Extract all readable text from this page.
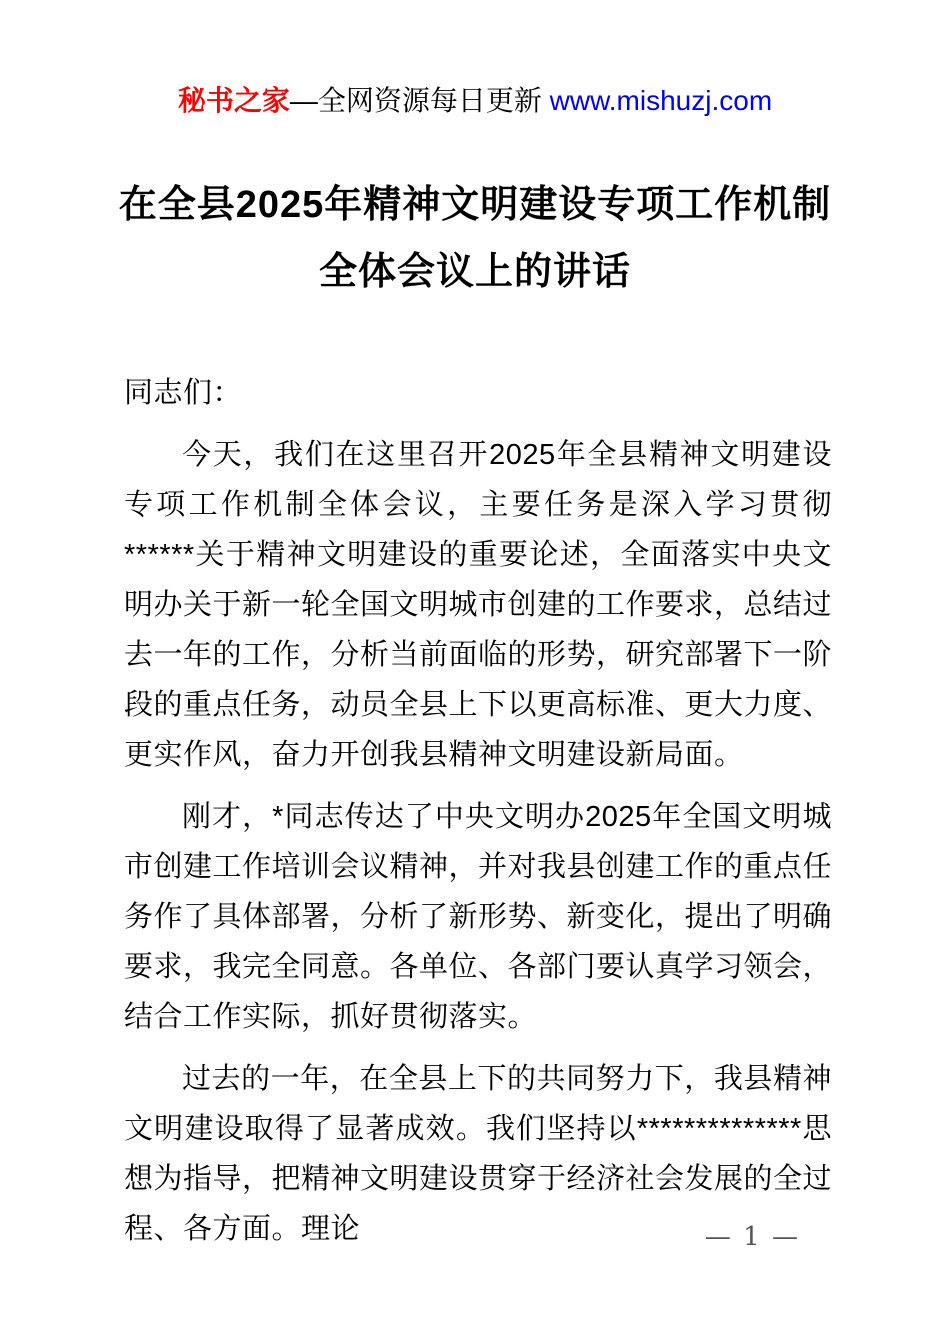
秘书之家—全网资源每日更新 www.mishuzj.com
在全县2025年精神文明建设专项工作机制
全体会议上的讲话

同志们：

今天，我们在这里召开2025年全县精神文明建设专项工作机制全体会议，主要任务是深入学习贯彻******关于精神文明建设的重要论述，全面落实中央文明办关于新一轮全国文明城市创建的工作要求，总结过去一年的工作，分析当前面临的形势，研究部署下一阶段的重点任务，动员全县上下以更高标准、更大力度、更实作风，奋力开创我县精神文明建设新局面。

刚才，*同志传达了中央文明办2025年全国文明城市创建工作培训会议精神，并对我县创建工作的重点任务作了具体部署，分析了新形势、新变化，提出了明确要求，我完全同意。各单位、各部门要认真学习领会，结合工作实际，抓好贯彻落实。

过去的一年，在全县上下的共同努力下，我县精神文明建设取得了显著成效。我们坚持以**************思想为指导，把精神文明建设贯穿于经济社会发展的全过程、各方面。理论	— 1 —
